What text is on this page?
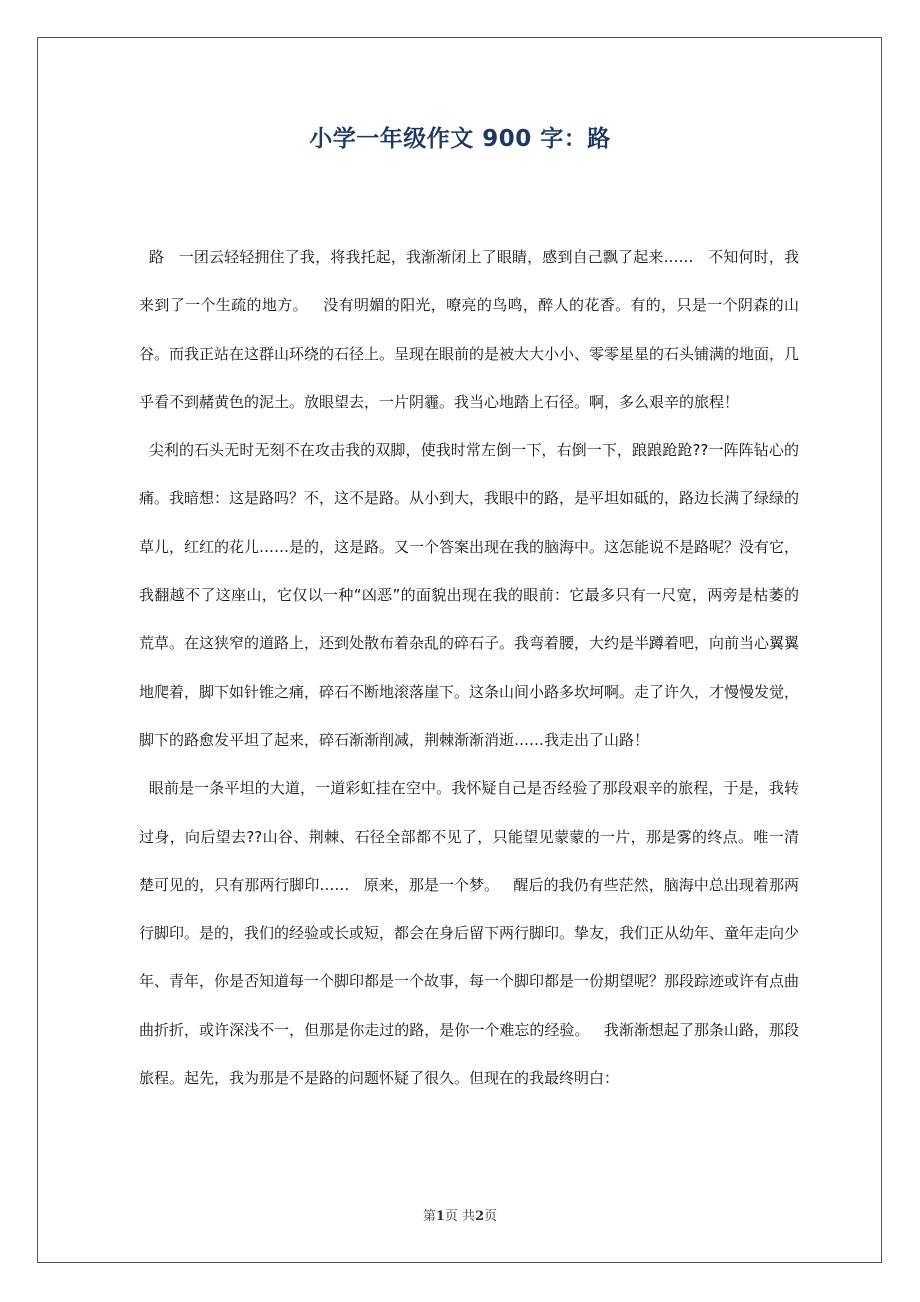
小学一年级作文 900 字：路

路   一团云轻轻拥住了我，将我托起，我渐渐闭上了眼睛，感到自己飘了起来……   不知何时，我来到了一个生疏的地方。   没有明媚的阳光，嘹亮的鸟鸣，醉人的花香。有的，只是一个阴森的山谷。而我正站在这群山环绕的石径上。呈现在眼前的是被大大小小、零零星星的石头铺满的地面，几乎看不到赭黄色的泥土。放眼望去，一片阴霾。我当心地踏上石径。啊，多么艰辛的旅程！

尖利的石头无时无刻不在攻击我的双脚，使我时常左倒一下，右倒一下，踉踉跄跄??一阵阵钻心的痛。我暗想：这是路吗？不，这不是路。从小到大，我眼中的路，是平坦如砥的，路边长满了绿绿的草儿，红红的花儿……是的，这是路。又一个答案出现在我的脑海中。这怎能说不是路呢？没有它，我翻越不了这座山，它仅以一种“凶恶”的面貌出现在我的眼前：它最多只有一尺宽，两旁是枯萎的荒草。在这狭窄的道路上，还到处散布着杂乱的碎石子。我弯着腰，大约是半蹲着吧，向前当心翼翼地爬着，脚下如针锥之痛，碎石不断地滚落崖下。这条山间小路多坎坷啊。走了许久，才慢慢发觉，脚下的路愈发平坦了起来，碎石渐渐削减，荆棘渐渐消逝……我走出了山路！

眼前是一条平坦的大道，一道彩虹挂在空中。我怀疑自己是否经验了那段艰辛的旅程，于是，我转过身，向后望去??山谷、荆棘、石径全部都不见了，只能望见蒙蒙的一片，那是雾的终点。唯一清楚可见的，只有那两行脚印……   原来，那是一个梦。   醒后的我仍有些茫然，脑海中总出现着那两行脚印。是的，我们的经验或长或短，都会在身后留下两行脚印。挚友，我们正从幼年、童年走向少年、青年，你是否知道每一个脚印都是一个故事，每一个脚印都是一份期望呢？那段踪迹或许有点曲曲折折，或许深浅不一，但那是你走过的路，是你一个难忘的经验。   我渐渐想起了那条山路，那段旅程。起先，我为那是不是路的问题怀疑了很久。但现在的我最终明白：

第1页 共2页
